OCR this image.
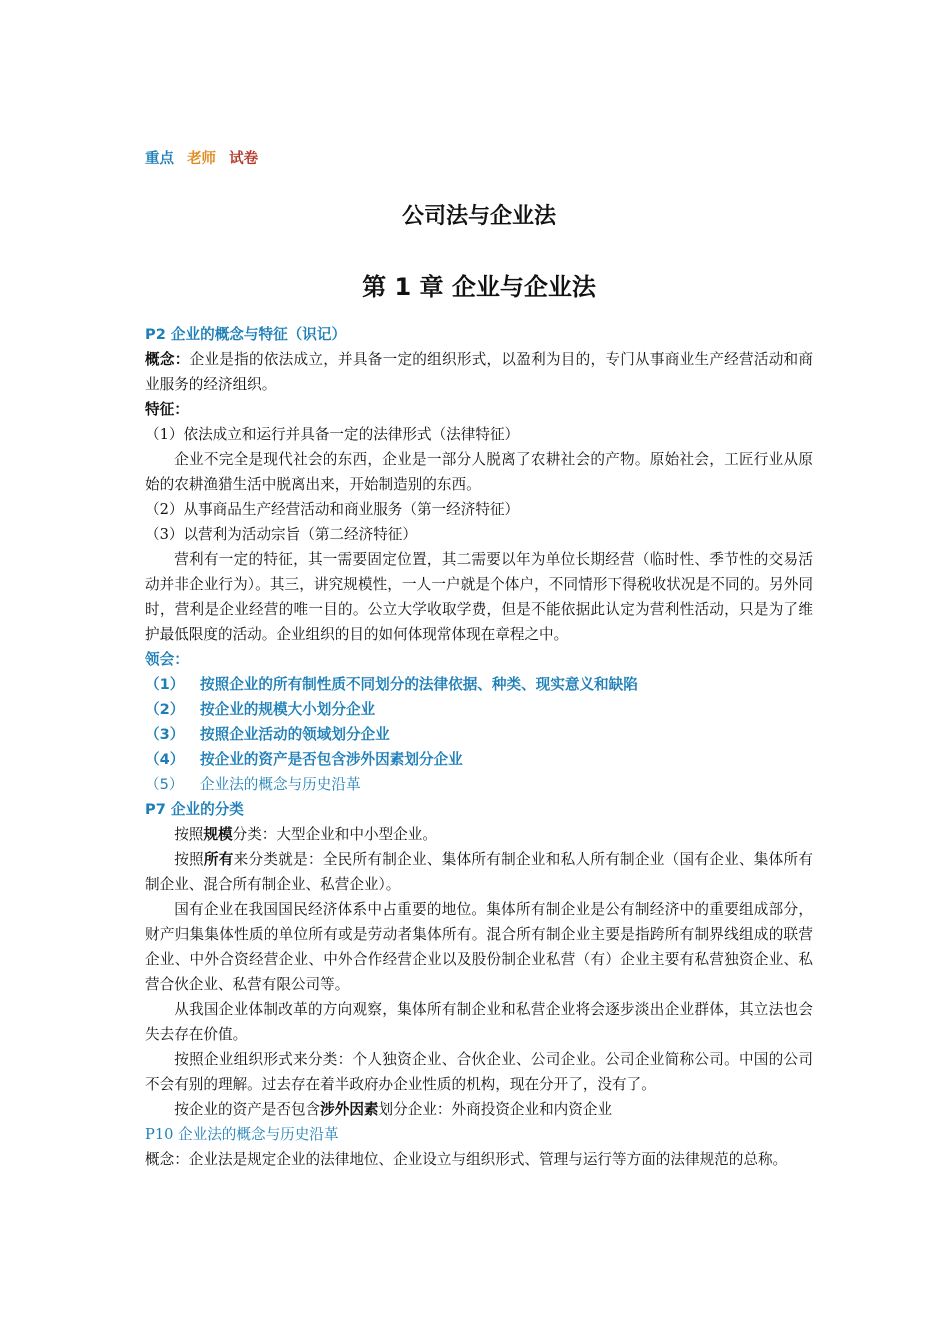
重点 老师 试卷
公司法与企业法
第 1 章 企业与企业法

P2 企业的概念与特征（识记）

概念：企业是指的依法成立，并具备一定的组织形式，以盈利为目的，专门从事商业生产经营活动和商业服务的经济组织。

特征：

（1）依法成立和运行并具备一定的法律形式（法律特征）

企业不完全是现代社会的东西，企业是一部分人脱离了农耕社会的产物。原始社会，工匠行业从原始的农耕渔猎生活中脱离出来，开始制造别的东西。

（2）从事商品生产经营活动和商业服务（第一经济特征）

（3）以营利为活动宗旨（第二经济特征）

营利有一定的特征，其一需要固定位置，其二需要以年为单位长期经营（临时性、季节性的交易活动并非企业行为）。其三，讲究规模性，一人一户就是个体户，不同情形下得税收状况是不同的。另外同时，营利是企业经营的唯一目的。公立大学收取学费，但是不能依据此认定为营利性活动，只是为了维护最低限度的活动。企业组织的目的如何体现常体现在章程之中。

领会：

（1） 按照企业的所有制性质不同划分的法律依据、种类、现实意义和缺陷

（2） 按企业的规模大小划分企业

（3） 按照企业活动的领域划分企业

（4） 按企业的资产是否包含涉外因素划分企业

（5） 企业法的概念与历史沿革

P7 企业的分类

按照规模分类：大型企业和中小型企业。

按照所有来分类就是：全民所有制企业、集体所有制企业和私人所有制企业（国有企业、集体所有制企业、混合所有制企业、私营企业）。

国有企业在我国国民经济体系中占重要的地位。集体所有制企业是公有制经济中的重要组成部分，财产归集集体性质的单位所有或是劳动者集体所有。混合所有制企业主要是指跨所有制界线组成的联营企业、中外合资经营企业、中外合作经营企业以及股份制企业私营（有）企业主要有私营独资企业、私营合伙企业、私营有限公司等。

从我国企业体制改革的方向观察，集体所有制企业和私营企业将会逐步淡出企业群体，其立法也会失去存在价值。

按照企业组织形式来分类：个人独资企业、合伙企业、公司企业。公司企业简称公司。中国的公司不会有别的理解。过去存在着半政府办企业性质的机构，现在分开了，没有了。

按企业的资产是否包含涉外因素划分企业：外商投资企业和内资企业

P10 企业法的概念与历史沿革

概念：企业法是规定企业的法律地位、企业设立与组织形式、管理与运行等方面的法律规范的总称。
